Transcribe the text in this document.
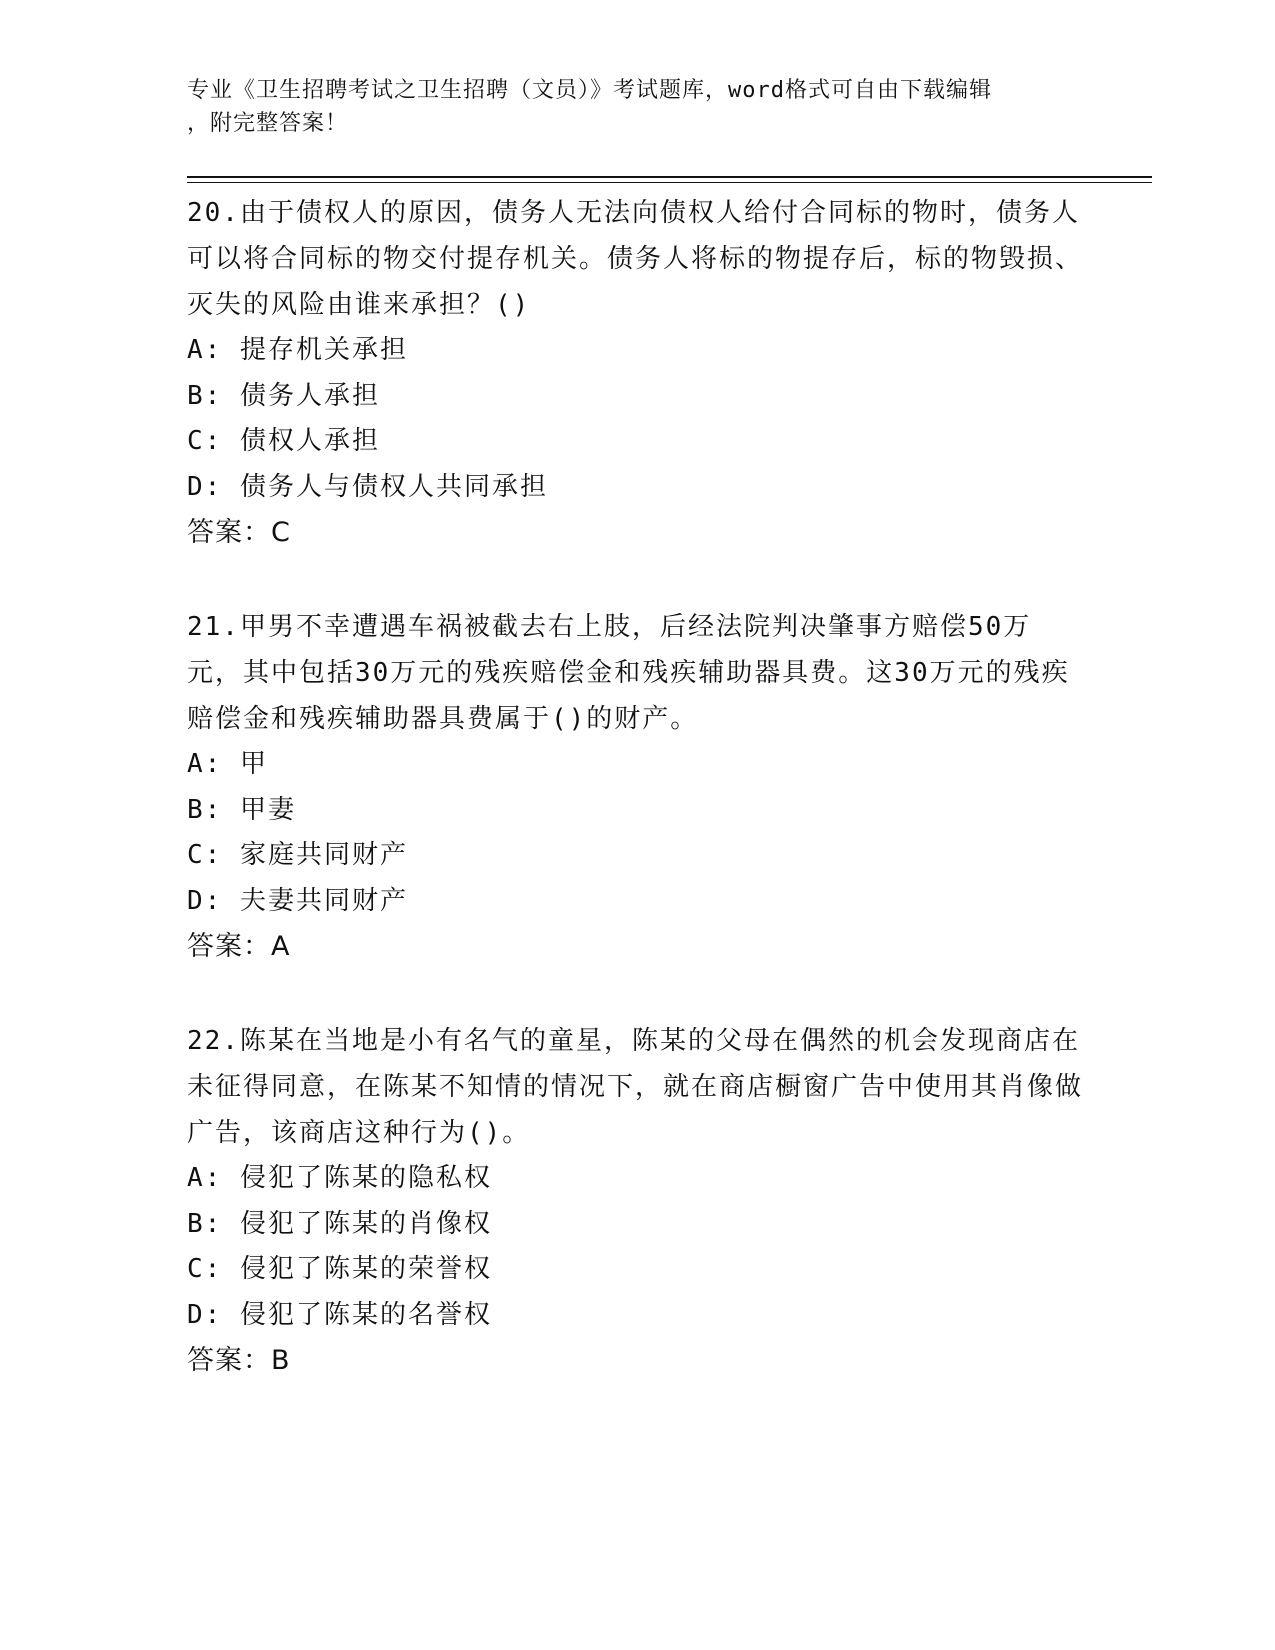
专业《卫生招聘考试之卫生招聘（文员）》考试题库，word格式可自由下载编辑
，附完整答案！

20.由于债权人的原因，债务人无法向债权人给付合同标的物时，债务人可以将合同标的物交付提存机关。债务人将标的物提存后，标的物毁损、灭失的风险由谁来承担？()

A: 提存机关承担

B: 债务人承担

C: 债权人承担

D: 债务人与债权人共同承担

答案：C

21.甲男不幸遭遇车祸被截去右上肢，后经法院判决肇事方赔偿50万元，其中包括30万元的残疾赔偿金和残疾辅助器具费。这30万元的残疾赔偿金和残疾辅助器具费属于()的财产。

A: 甲

B: 甲妻

C: 家庭共同财产

D: 夫妻共同财产

答案：A

22.陈某在当地是小有名气的童星，陈某的父母在偶然的机会发现商店在未征得同意，在陈某不知情的情况下，就在商店橱窗广告中使用其肖像做广告，该商店这种行为()。

A: 侵犯了陈某的隐私权

B: 侵犯了陈某的肖像权

C: 侵犯了陈某的荣誉权

D: 侵犯了陈某的名誉权

答案：B
